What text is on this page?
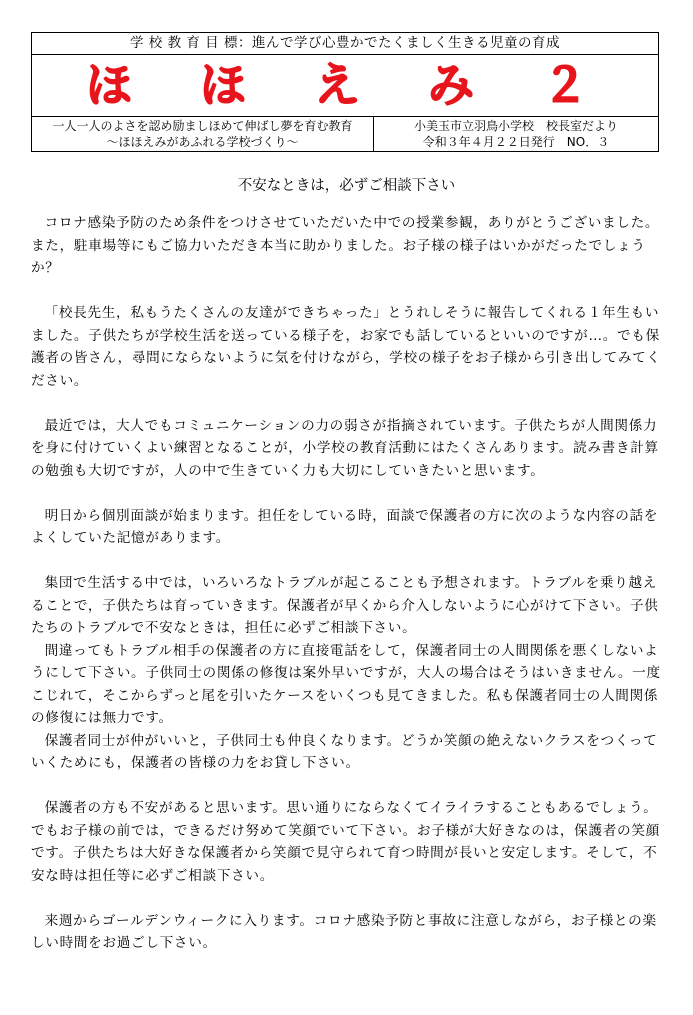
学 校 教 育 目 標：進んで学び心豊かでたくましく生きる児童の育成
ほ ほ え み ２
一人一人のよさを認め励ましほめて伸ばし夢を育む教育
～ほほえみがあふれる学校づくり～
小美玉市立羽鳥小学校　校長室だより
令和３年４月２２日発行　NO．３
不安なときは，必ずご相談下さい

コロナ感染予防のため条件をつけさせていただいた中での授業参観，ありがとうございました。また，駐車場等にもご協力いただき本当に助かりました。お子様の様子はいかがだったでしょうか？

「校長先生，私もうたくさんの友達ができちゃった」とうれしそうに報告してくれる１年生もいました。子供たちが学校生活を送っている様子を，お家でも話しているといいのですが…。でも保護者の皆さん，尋問にならないように気を付けながら，学校の様子をお子様から引き出してみてください。

最近では，大人でもコミュニケーションの力の弱さが指摘されています。子供たちが人間関係力を身に付けていくよい練習となることが，小学校の教育活動にはたくさんあります。読み書き計算の勉強も大切ですが，人の中で生きていく力も大切にしていきたいと思います。

明日から個別面談が始まります。担任をしている時，面談で保護者の方に次のような内容の話をよくしていた記憶があります。

集団で生活する中では，いろいろなトラブルが起こることも予想されます。トラブルを乗り越えることで，子供たちは育っていきます。保護者が早くから介入しないように心がけて下さい。子供たちのトラブルで不安なときは，担任に必ずご相談下さい。

間違ってもトラブル相手の保護者の方に直接電話をして，保護者同士の人間関係を悪くしないようにして下さい。子供同士の関係の修復は案外早いですが，大人の場合はそうはいきません。一度こじれて，そこからずっと尾を引いたケースをいくつも見てきました。私も保護者同士の人間関係の修復には無力です。

保護者同士が仲がいいと，子供同士も仲良くなります。どうか笑顔の絶えないクラスをつくっていくためにも，保護者の皆様の力をお貸し下さい。

保護者の方も不安があると思います。思い通りにならなくてイライラすることもあるでしょう。でもお子様の前では，できるだけ努めて笑顔でいて下さい。お子様が大好きなのは，保護者の笑顔です。子供たちは大好きな保護者から笑顔で見守られて育つ時間が長いと安定します。そして，不安な時は担任等に必ずご相談下さい。

来週からゴールデンウィークに入ります。コロナ感染予防と事故に注意しながら，お子様との楽しい時間をお過ごし下さい。
